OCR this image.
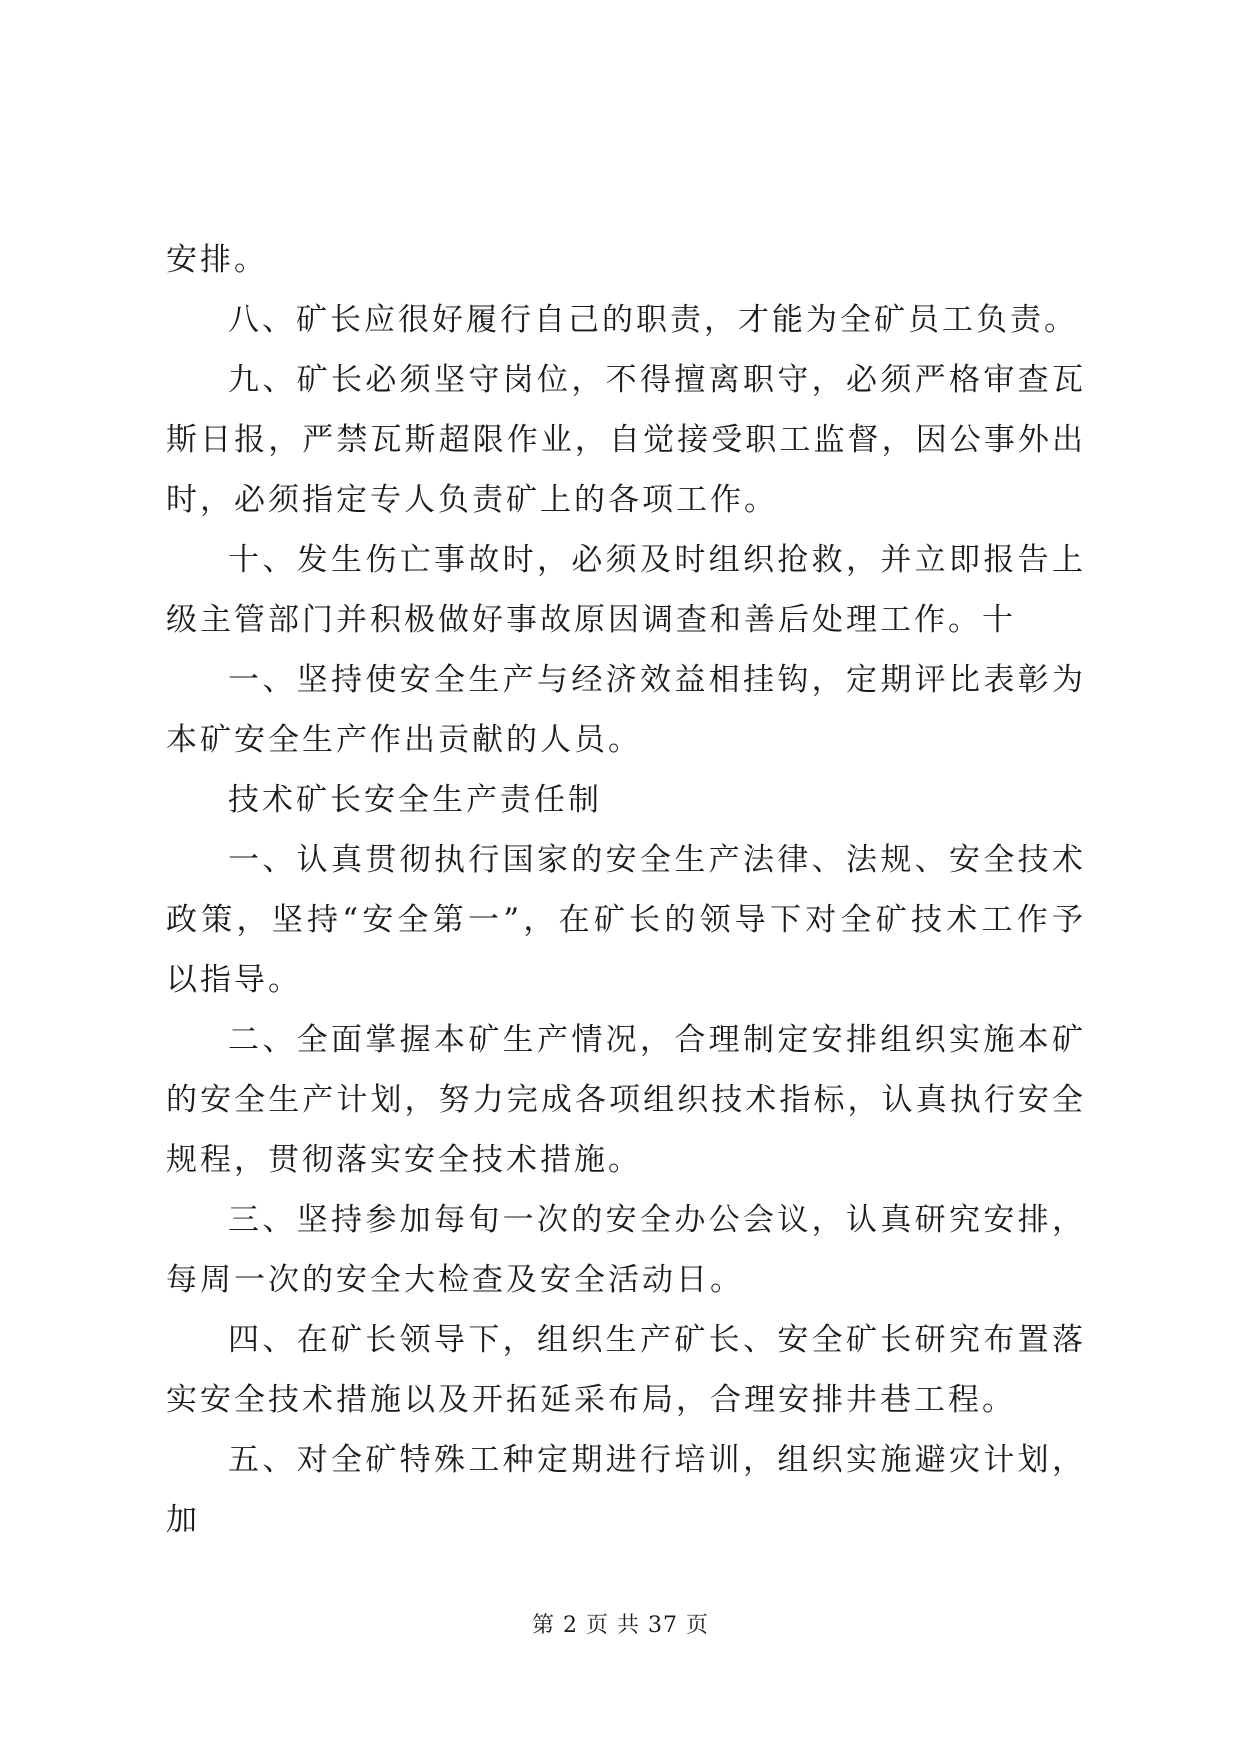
安排。

八、矿长应很好履行自己的职责，才能为全矿员工负责。

九、矿长必须坚守岗位，不得擅离职守，必须严格审查瓦斯日报，严禁瓦斯超限作业，自觉接受职工监督，因公事外出时，必须指定专人负责矿上的各项工作。

十、发生伤亡事故时，必须及时组织抢救，并立即报告上级主管部门并积极做好事故原因调查和善后处理工作。十

一、坚持使安全生产与经济效益相挂钩，定期评比表彰为本矿安全生产作出贡献的人员。

技术矿长安全生产责任制

一、认真贯彻执行国家的安全生产法律、法规、安全技术政策，坚持“安全第一”，在矿长的领导下对全矿技术工作予以指导。

二、全面掌握本矿生产情况，合理制定安排组织实施本矿的安全生产计划，努力完成各项组织技术指标，认真执行安全规程，贯彻落实安全技术措施。

三、坚持参加每旬一次的安全办公会议，认真研究安排，每周一次的安全大检查及安全活动日。

四、在矿长领导下，组织生产矿长、安全矿长研究布置落实安全技术措施以及开拓延采布局，合理安排井巷工程。

五、对全矿特殊工种定期进行培训，组织实施避灾计划，加

第 2 页 共 37 页
